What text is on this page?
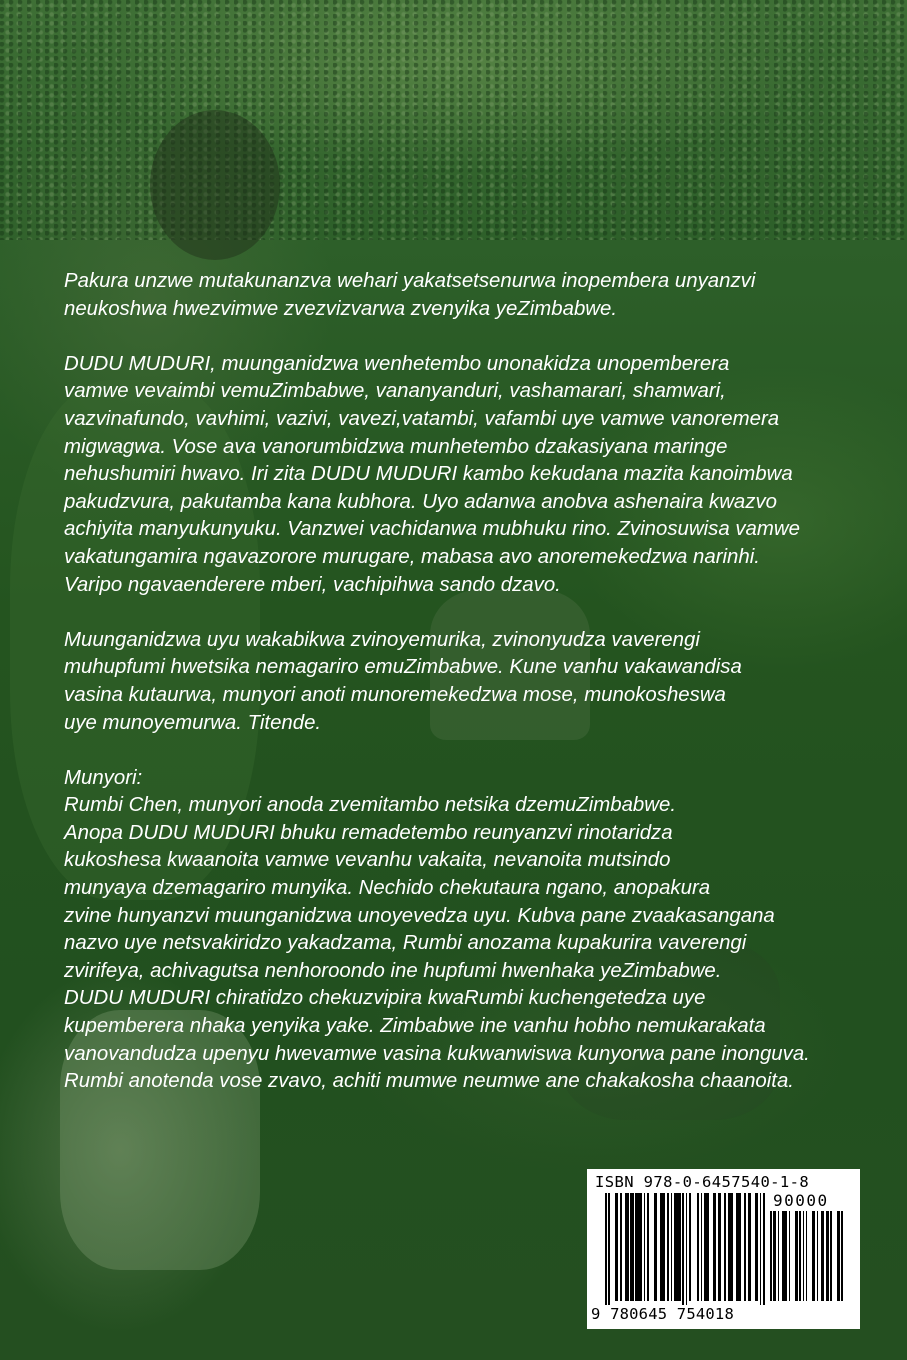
Pakura unzwe mutakunanzva wehari yakatsetsenurwa inopembera unyanzvi
neukoshwa hwezvimwe zvezvizvarwa zvenyika yeZimbabwe.

DUDU MUDURI, muunganidzwa wenhetembo unonakidza unopemberera
vamwe vevaimbi vemuZimbabwe, vananyanduri, vashamarari, shamwari,
vazvinafundo, vavhimi, vazivi, vavezi,vatambi, vafambi uye vamwe vanoremera
migwagwa. Vose ava vanorumbidzwa munhetembo dzakasiyana maringe
nehushumiri hwavo. Iri zita DUDU MUDURI kambo kekudana mazita kanoimbwa
pakudzvura, pakutamba kana kubhora. Uyo adanwa anobva ashenaira kwazvo
achiyita manyukunyuku. Vanzwei vachidanwa mubhuku rino. Zvinosuwisa vamwe
vakatungamira ngavazorore murugare, mabasa avo anoremekedzwa narinhi.
Varipo ngavaenderere mberi, vachipihwa sando dzavo.

Muunganidzwa uyu wakabikwa zvinoyemurika, zvinonyudza vaverengi
muhupfumi hwetsika nemagariro emuZimbabwe. Kune vanhu vakawandisa
vasina kutaurwa, munyori anoti munoremekedzwa mose, munokosheswa
uye munoyemurwa. Titende.

Munyori:
Rumbi Chen, munyori anoda zvemitambo netsika dzemuZimbabwe.
Anopa DUDU MUDURI bhuku remadetembo reunyanzvi rinotaridza
kukoshesa kwaanoita vamwe vevanhu vakaita, nevanoita mutsindo
munyaya dzemagariro munyika. Nechido chekutaura ngano, anopakura
zvine hunyanzvi muunganidzwa unoyevedza uyu. Kubva pane zvaakasangana
nazvo uye netsvakiridzo yakadzama, Rumbi anozama kupakurira vaverengi
zvirifeya, achivagutsa nenhoroondo ine hupfumi hwenhaka yeZimbabwe.
DUDU MUDURI chiratidzo chekuzvipira kwaRumbi kuchengetedza uye
kupemberera nhaka yenyika yake. Zimbabwe ine vanhu hobho nemukarakata
vanovandudza upenyu hwevamwe vasina kukwanwiswa kunyorwa pane inonguva.
Rumbi anotenda vose zvavo, achiti mumwe neumwe ane chakakosha chaanoita.

ISBN 978-0-6457540-1-8
90000
9 780645 754018
